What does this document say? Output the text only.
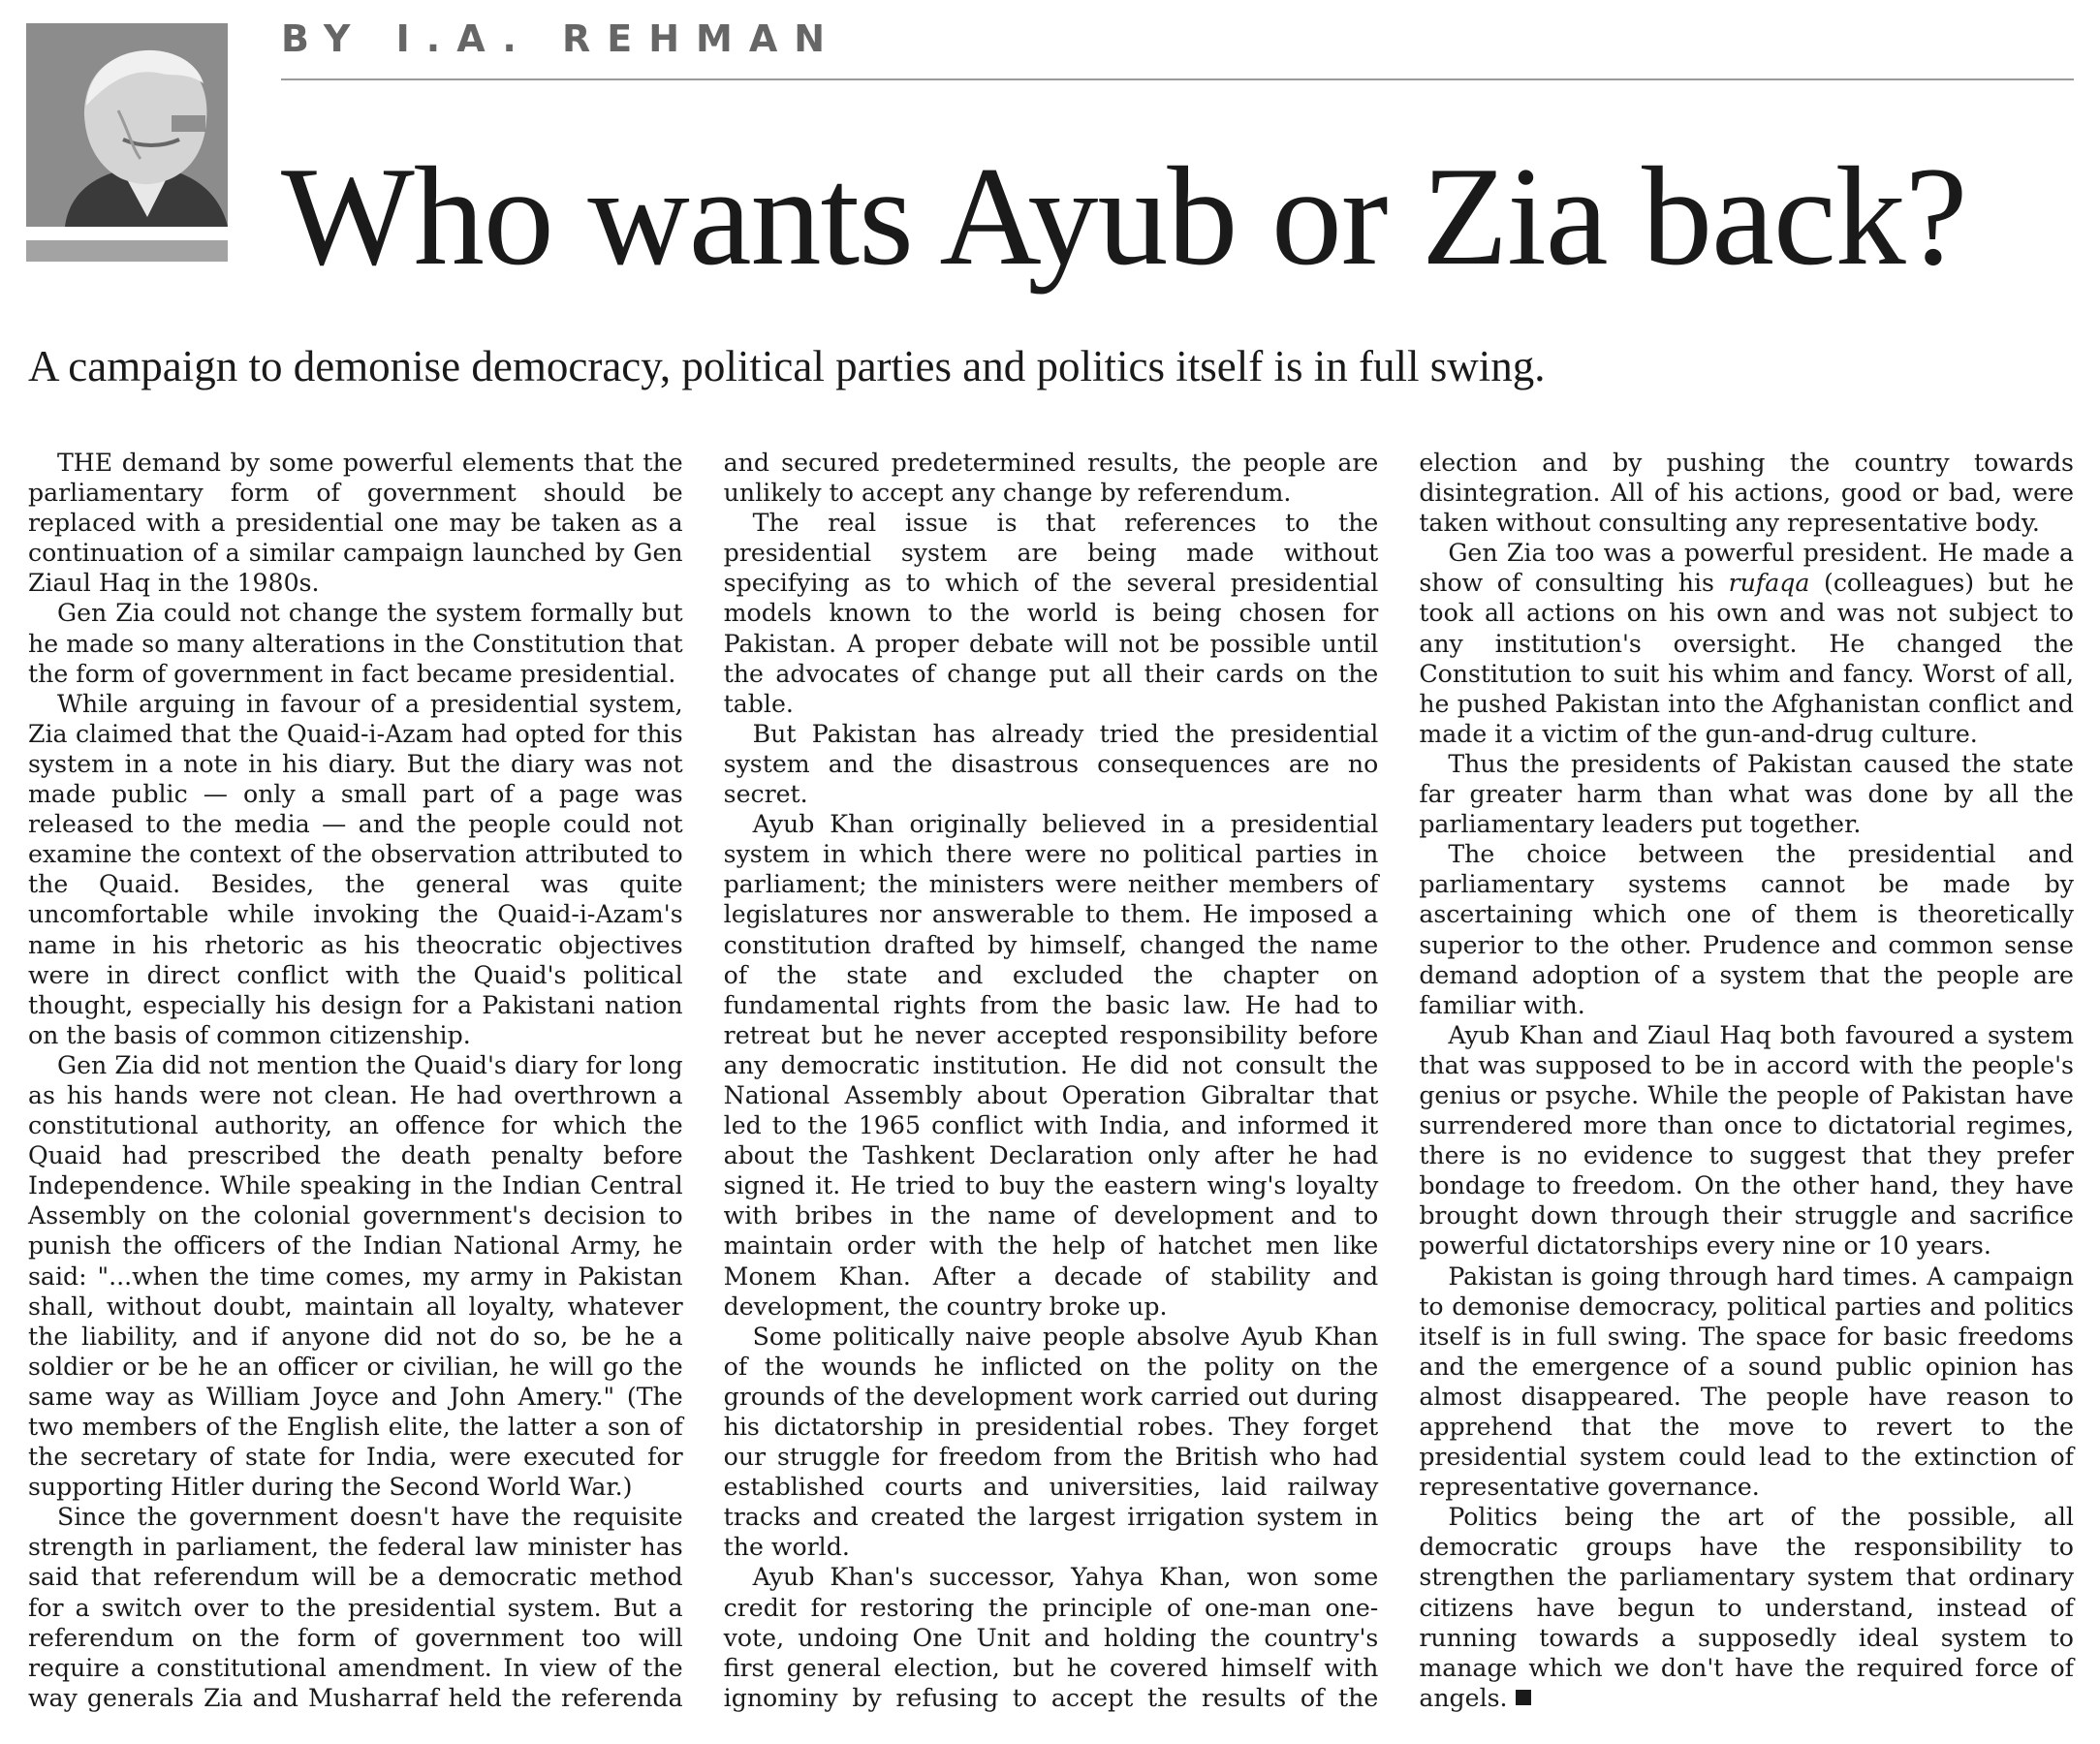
BY I.A. REHMAN
Who wants Ayub or Zia back?
A campaign to demonise democracy, political parties and politics itself is in full swing.

THE demand by some powerful elements that the parliamentary form of government should be replaced with a presidential one may be taken as a continuation of a similar campaign launched by Gen Ziaul Haq in the 1980s.

Gen Zia could not change the system formally but he made so many alterations in the Constitution that the form of government in fact became presidential.

While arguing in favour of a presidential system, Zia claimed that the Quaid-i-Azam had opted for this system in a note in his diary. But the diary was not made public — only a small part of a page was released to the media — and the people could not examine the context of the observation attributed to the Quaid. Besides, the general was quite uncomfortable while invoking the Quaid-i-Azam's name in his rhetoric as his theocratic objectives were in direct conflict with the Quaid's political thought, especially his design for a Pakistani nation on the basis of common citizenship.

Gen Zia did not mention the Quaid's diary for long as his hands were not clean. He had overthrown a constitutional authority, an offence for which the Quaid had prescribed the death penalty before Independence. While speaking in the Indian Central Assembly on the colonial government's decision to punish the officers of the Indian National Army, he said: "...when the time comes, my army in Pakistan shall, without doubt, maintain all loyalty, whatever the liability, and if anyone did not do so, be he a soldier or be he an officer or civilian, he will go the same way as William Joyce and John Amery." (The two members of the English elite, the latter a son of the secretary of state for India, were executed for supporting Hitler during the Second World War.)

Since the government doesn't have the requisite strength in parliament, the federal law minister has said that referendum will be a democratic method for a switch over to the presidential system. But a referendum on the form of government too will require a constitutional amendment. In view of the way generals Zia and Musharraf held the referenda and secured predetermined results, the people are unlikely to accept any change by referendum.

The real issue is that references to the presidential system are being made without specifying as to which of the several presidential models known to the world is being chosen for Pakistan. A proper debate will not be possible until the advocates of change put all their cards on the table.

But Pakistan has already tried the presidential system and the disastrous consequences are no secret.

Ayub Khan originally believed in a presidential system in which there were no political parties in parliament; the ministers were neither members of legislatures nor answerable to them. He imposed a constitution drafted by himself, changed the name of the state and excluded the chapter on fundamental rights from the basic law. He had to retreat but he never accepted responsibility before any democratic institution. He did not consult the National Assembly about Operation Gibraltar that led to the 1965 conflict with India, and informed it about the Tashkent Declaration only after he had signed it. He tried to buy the eastern wing's loyalty with bribes in the name of development and to maintain order with the help of hatchet men like Monem Khan. After a decade of stability and development, the country broke up.

Some politically naive people absolve Ayub Khan of the wounds he inflicted on the polity on the grounds of the development work carried out during his dictatorship in presidential robes. They forget our struggle for freedom from the British who had established courts and universities, laid railway tracks and created the largest irrigation system in the world.

Ayub Khan's successor, Yahya Khan, won some credit for restoring the principle of one-man one-vote, undoing One Unit and holding the country's first general election, but he covered himself with ignominy by refusing to accept the results of the election and by pushing the country towards disintegration. All of his actions, good or bad, were taken without consulting any representative body.

Gen Zia too was a powerful president. He made a show of consulting his rufaqa (colleagues) but he took all actions on his own and was not subject to any institution's oversight. He changed the Constitution to suit his whim and fancy. Worst of all, he pushed Pakistan into the Afghanistan conflict and made it a victim of the gun-and-drug culture.

Thus the presidents of Pakistan caused the state far greater harm than what was done by all the parliamentary leaders put together.

The choice between the presidential and parliamentary systems cannot be made by ascertaining which one of them is theoretically superior to the other. Prudence and common sense demand adoption of a system that the people are familiar with.

Ayub Khan and Ziaul Haq both favoured a system that was supposed to be in accord with the people's genius or psyche. While the people of Pakistan have surrendered more than once to dictatorial regimes, there is no evidence to suggest that they prefer bondage to freedom. On the other hand, they have brought down through their struggle and sacrifice powerful dictatorships every nine or 10 years.

Pakistan is going through hard times. A campaign to demonise democracy, political parties and politics itself is in full swing. The space for basic freedoms and the emergence of a sound public opinion has almost disappeared. The people have reason to apprehend that the move to revert to the presidential system could lead to the extinction of representative governance.

Politics being the art of the possible, all democratic groups have the responsibility to strengthen the parliamentary system that ordinary citizens have begun to understand, instead of running towards a supposedly ideal system to manage which we don't have the required force of angels.
